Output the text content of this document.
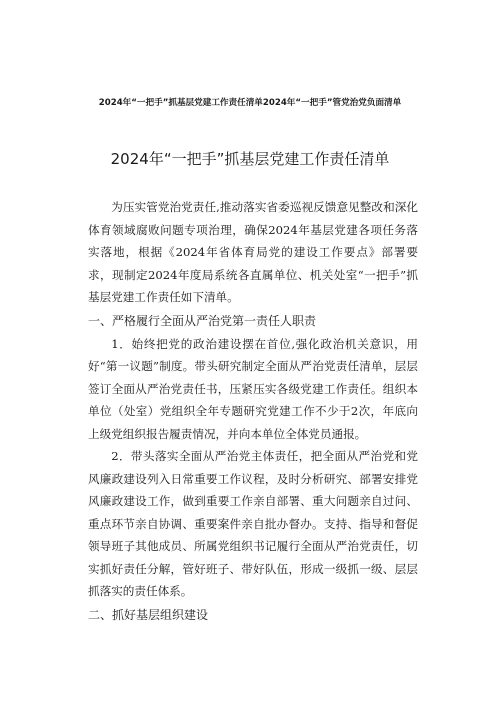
2024年“一把手”抓基层党建工作责任清单2024年“一把手”管党治党负面清单
2024年“一把手”抓基层党建工作责任清单

为压实管党治党责任,推动落实省委巡视反馈意见整改和深化体育领域腐败问题专项治理，确保2024年基层党建各项任务落实落地，根据《2024年省体育局党的建设工作要点》部署要求，现制定2024年度局系统各直属单位、机关处室“一把手”抓基层党建工作责任如下清单。

一、严格履行全面从严治党第一责任人职责

1．始终把党的政治建设摆在首位,强化政治机关意识，用好“第一议题”制度。带头研究制定全面从严治党责任清单，层层签订全面从严治党责任书，压紧压实各级党建工作责任。组织本单位（处室）党组织全年专题研究党建工作不少于2次，年底向上级党组织报告履责情况，并向本单位全体党员通报。

2．带头落实全面从严治党主体责任，把全面从严治党和党风廉政建设列入日常重要工作议程，及时分析研究、部署安排党风廉政建设工作，做到重要工作亲自部署、重大问题亲自过问、重点环节亲自协调、重要案件亲自批办督办。支持、指导和督促领导班子其他成员、所属党组织书记履行全面从严治党责任，切实抓好责任分解，管好班子、带好队伍，形成一级抓一级、层层抓落实的责任体系。

二、抓好基层组织建设
